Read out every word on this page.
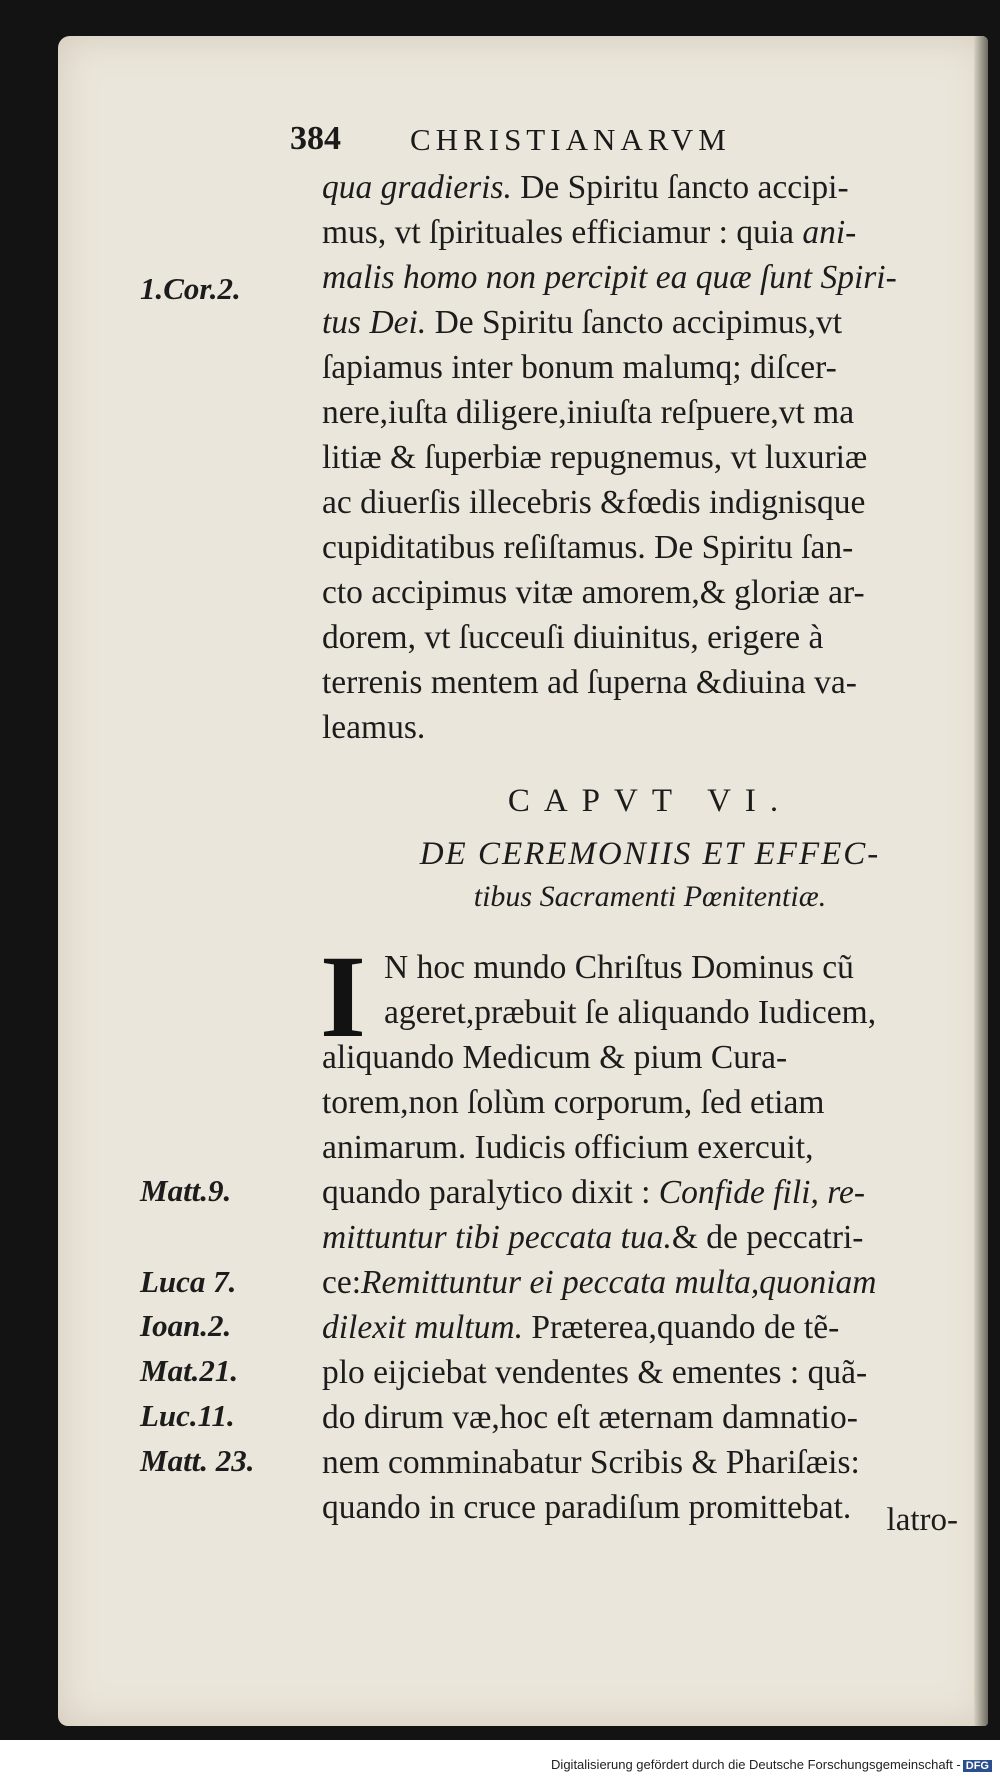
384 CHRISTIANARVM
qua gradieris. De Spiritu ſancto accipi-
mus, vt ſpirituales efficiamur : quia ani-
malis homo non percipit ea quæ ſunt Spiri-
tus Dei. De Spiritu ſancto accipimus,vt
ſapiamus inter bonum malumq; diſcer-
nere,iuſta diligere,iniuſta reſpuere,vt ma
litiæ & ſuperbiæ repugnemus, vt luxuriæ
ac diuerſis illecebris &fœdis indignisque
cupiditatibus reſiſtamus. De Spiritu ſan-
cto accipimus vitæ amorem,& gloriæ ar-
dorem, vt ſucceuſi diuinitus, erigere à
terrenis mentem ad ſuperna &diuina va-
leamus.
CAPVT VI.
DE CEREMONIIS ET EFFEC-
tibus Sacramenti Pœnitentiæ.
I N hoc mundo Chriſtus Dominus cũ
ageret,præbuit ſe aliquando Iudicem,
aliquando Medicum & pium Cura-
torem,non ſolùm corporum, ſed etiam
animarum. Iudicis officium exercuit,
quando paralytico dixit : Confide fili, re-
mittuntur tibi peccata tua.& de peccatri-
ce:Remittuntur ei peccata multa,quoniam
dilexit multum. Præterea,quando de tẽ-
plo eijciebat vendentes & ementes : quã-
do dirum væ,hoc eſt æternam damnatio-
nem comminabatur Scribis & Phariſæis:
quando in cruce paradiſum promittebat.
1.Cor.2.
Matt.9.
Luca 7.
Ioan.2.
Mat.21.
Luc.11.
Matt. 23.
latro-
Digitalisierung gefördert durch die Deutsche Forschungsgemeinschaft - DFG
